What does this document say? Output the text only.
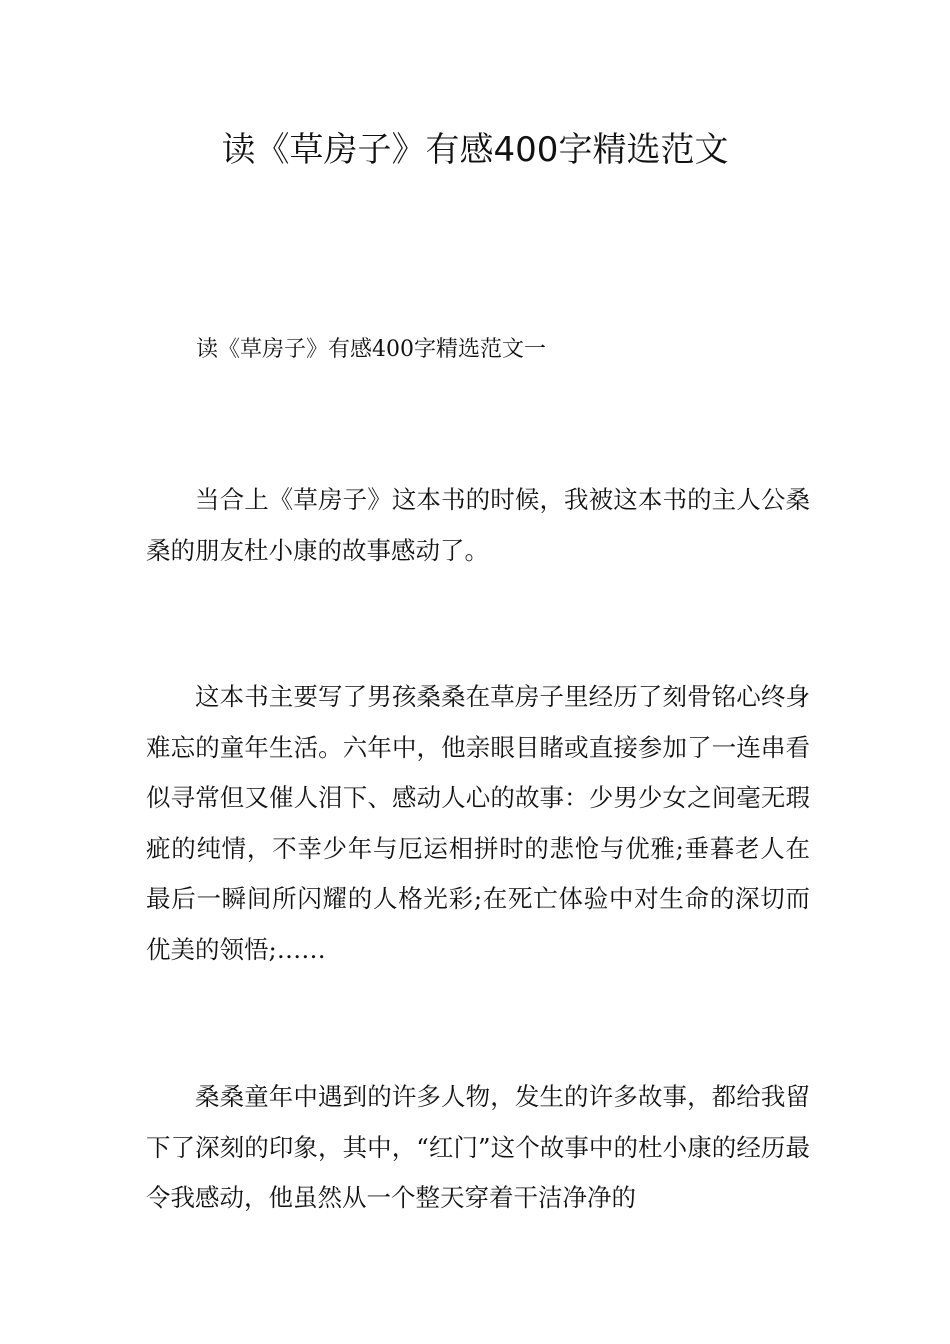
读《草房子》有感400字精选范文

读《草房子》有感400字精选范文一

当合上《草房子》这本书的时候，我被这本书的主人公桑桑的朋友杜小康的故事感动了。

这本书主要写了男孩桑桑在草房子里经历了刻骨铭心终身难忘的童年生活。六年中，他亲眼目睹或直接参加了一连串看似寻常但又催人泪下、感动人心的故事：少男少女之间毫无瑕疵的纯情，不幸少年与厄运相拼时的悲怆与优雅;垂暮老人在最后一瞬间所闪耀的人格光彩;在死亡体验中对生命的深切而优美的领悟;……

桑桑童年中遇到的许多人物，发生的许多故事，都给我留下了深刻的印象，其中，“红门”这个故事中的杜小康的经历最令我感动，他虽然从一个整天穿着干洁净净的
